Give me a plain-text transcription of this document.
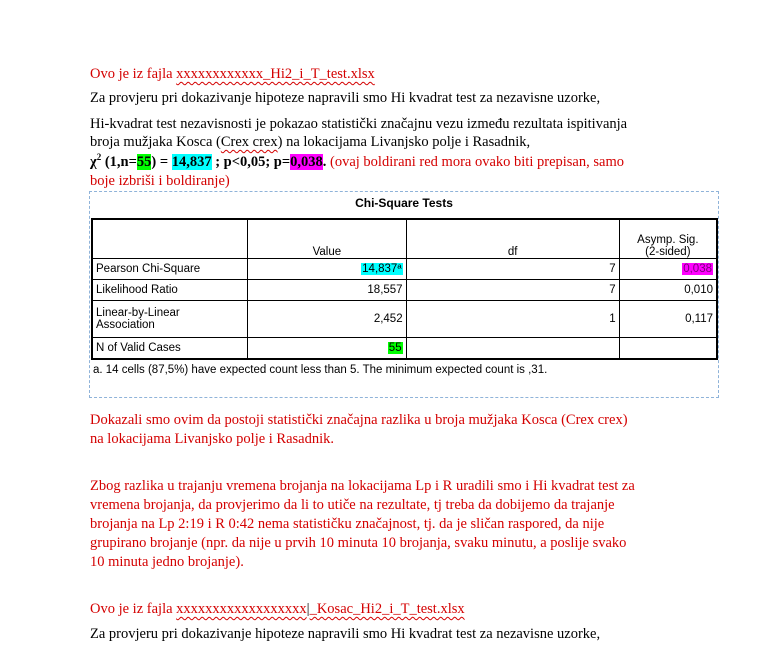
Ovo je iz fajla xxxxxxxxxxxx_Hi2_i_T_test.xlsx
Za provjeru pri dokazivanje hipoteze napravili smo Hi kvadrat test za nezavisne uzorke,
Hi-kvadrat test nezavisnosti je pokazao statistički značajnu vezu između rezultata ispitivanja
broja mužjaka Kosca (Crex crex) na lokacijama Livanjsko polje i Rasadnik,
$\chi^2$ (1,n=55) = 14,837 ; p<0,05; p=0,038. (ovaj boldirani red mora ovako biti prepisan, samo
boje izbriši i boldiranje)
Chi-Square Tests
	Value	df	Asymp. Sig.
(2-sided)

Pearson Chi-Square	14,837ª	7	0,038
Likelihood Ratio	18,557	7	0,010

Linear-by-Linear
Association	2,452	1	0,117
N of Valid Cases	55		
a. 14 cells (87,5%) have expected count less than 5. The minimum expected count is ,31.
Dokazali smo ovim da postoji statistički značajna razlika u broja mužjaka Kosca (Crex crex)
na lokacijama Livanjsko polje i Rasadnik.
Zbog razlika u trajanju vremena brojanja na lokacijama Lp i R uradili smo i Hi kvadrat test za
vremena brojanja, da provjerimo da li to utiče na rezultate, tj treba da dobijemo da trajanje
brojanja na Lp 2:19 i R 0:42 nema statističku značajnost, tj. da je sličan raspored, da nije
grupirano brojanje (npr. da nije u prvih 10 minuta 10 brojanja, svaku minutu, a poslije svako
10 minuta jedno brojanje).
Ovo je iz fajla xxxxxxxxxxxxxxxxxx|_Kosac_Hi2_i_T_test.xlsx
Za provjeru pri dokazivanje hipoteze napravili smo Hi kvadrat test za nezavisne uzorke,
